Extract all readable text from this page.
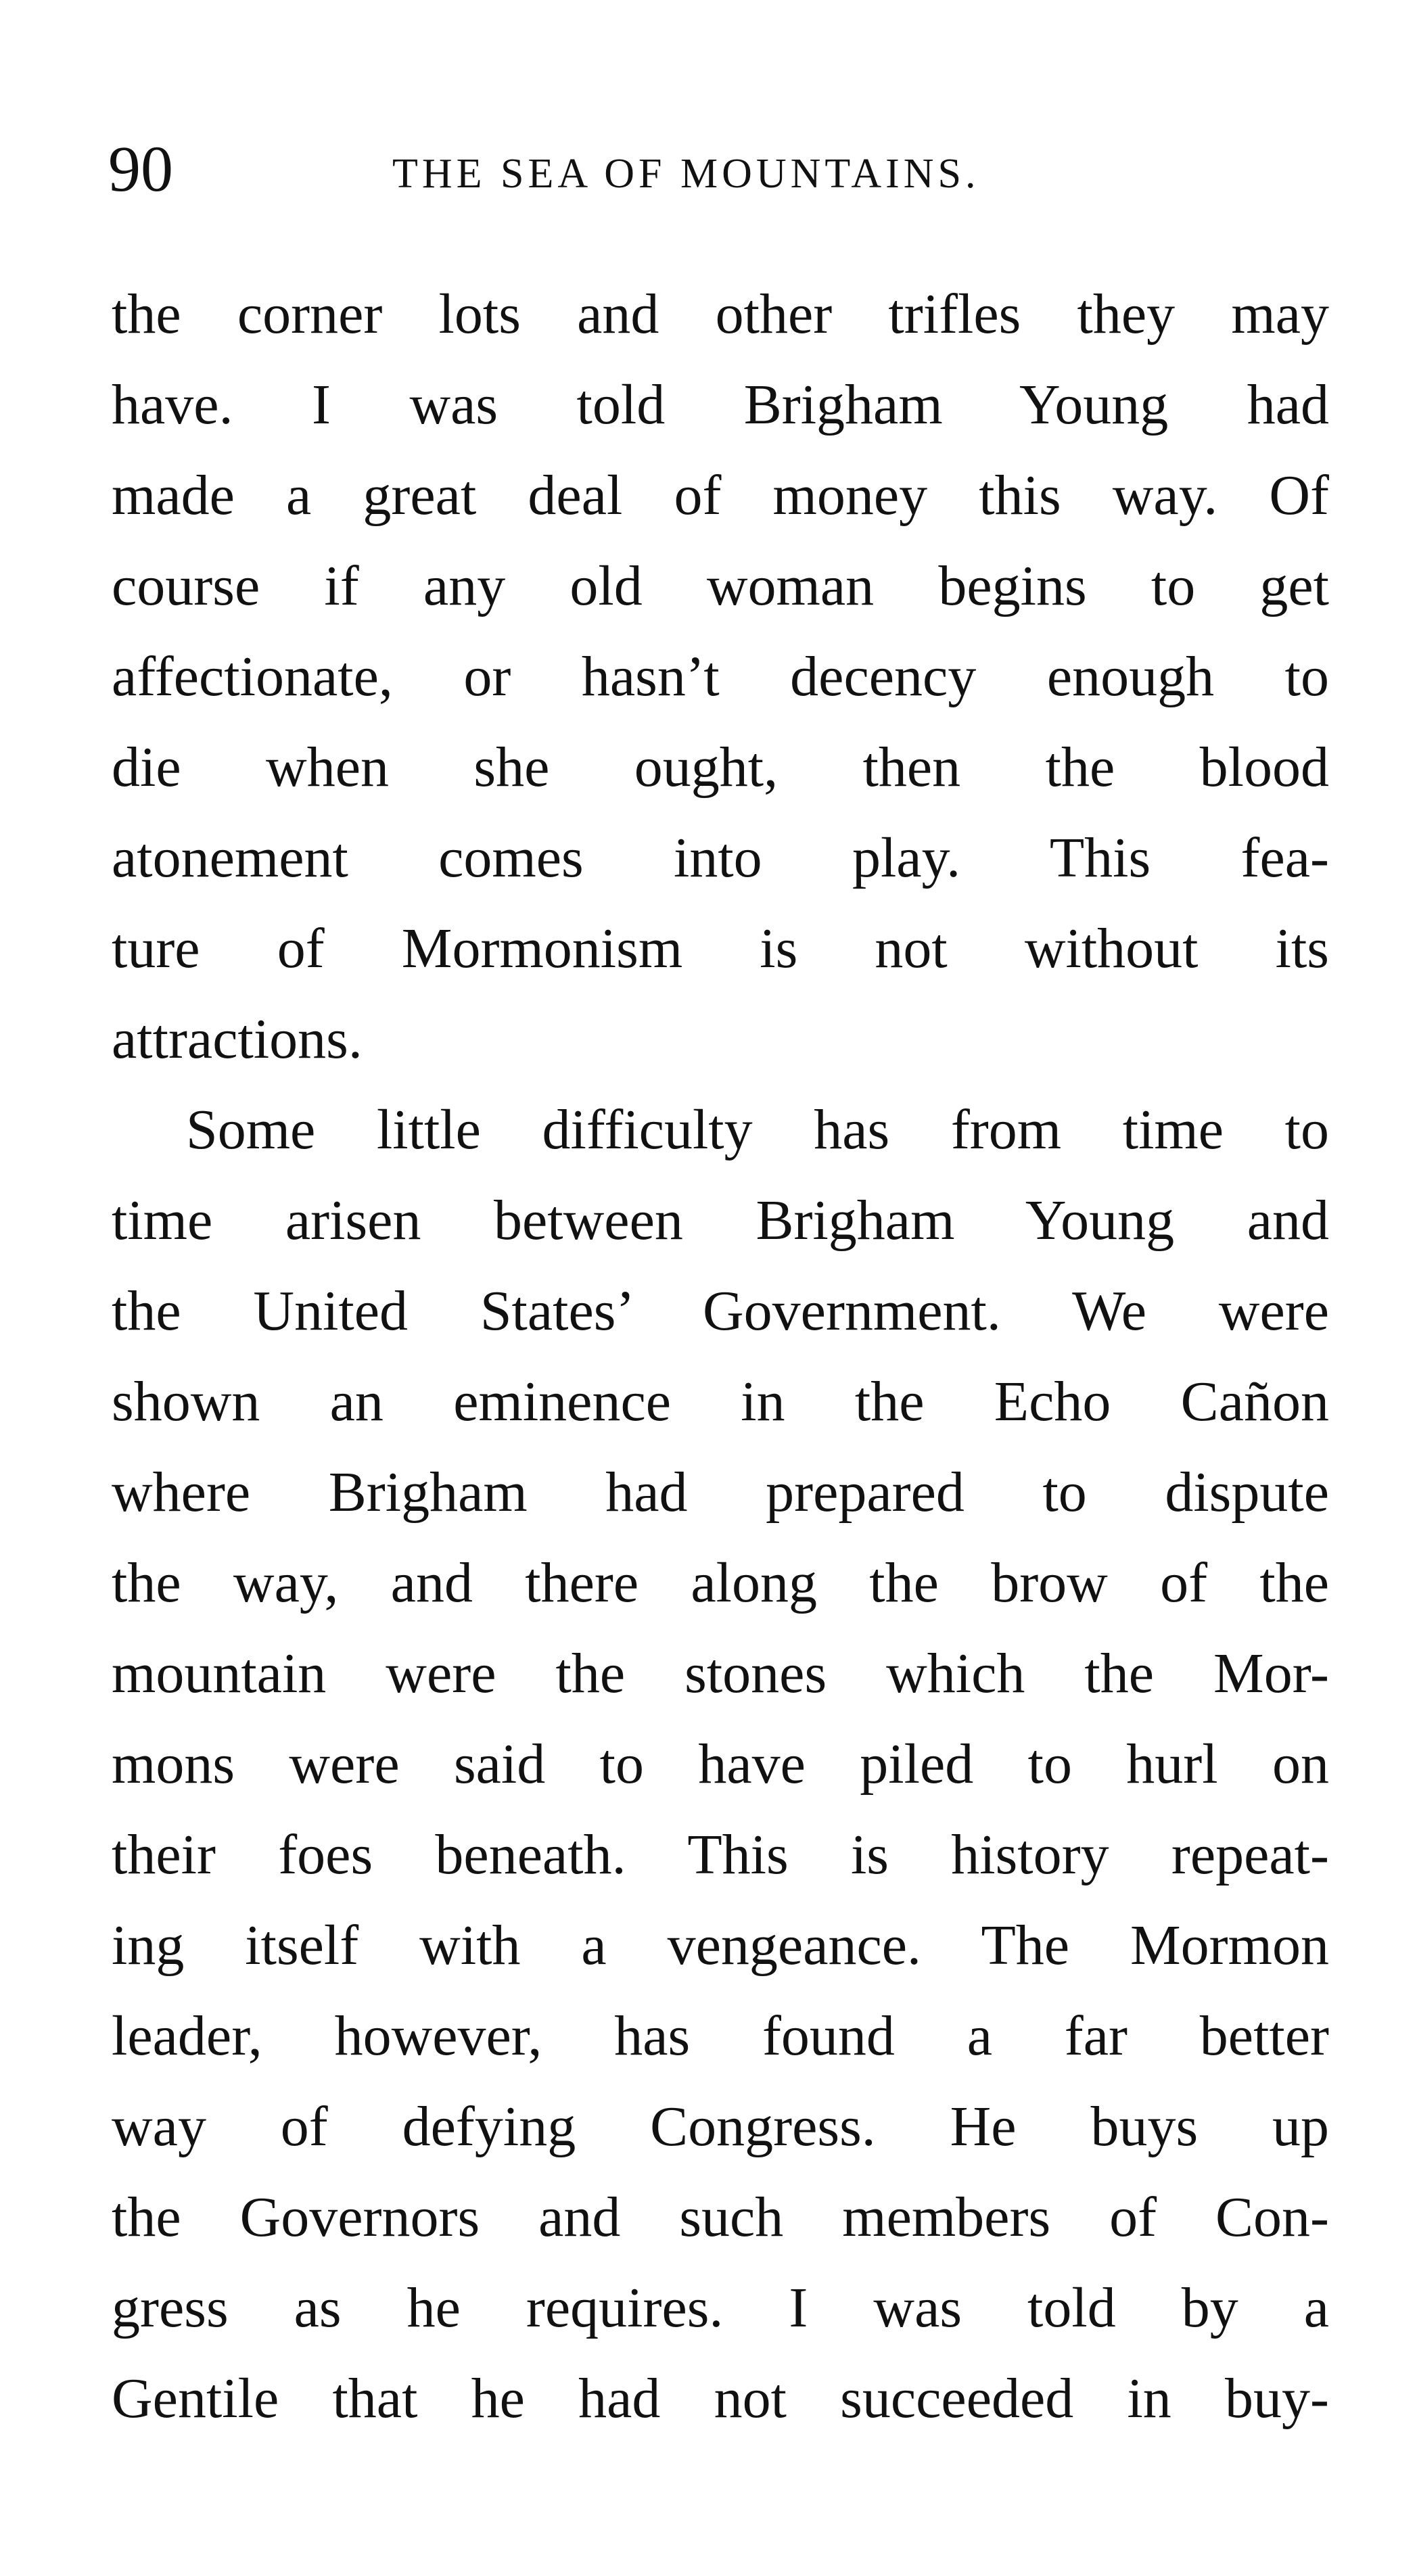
90	THE SEA OF MOUNTAINS.
the corner lots and other trifles they may
have. I was told Brigham Young had
made a great deal of money this way. Of
course if any old woman begins to get
affectionate, or hasn’t decency enough to
die when she ought, then the blood
atonement comes into play. This fea-
ture of Mormonism is not without its
attractions.
Some little difficulty has from time to
time arisen between Brigham Young and
the United States’ Government. We were
shown an eminence in the Echo Cañon
where Brigham had prepared to dispute
the way, and there along the brow of the
mountain were the stones which the Mor-
mons were said to have piled to hurl on
their foes beneath. This is history repeat-
ing itself with a vengeance. The Mormon
leader, however, has found a far better
way of defying Congress. He buys up
the Governors and such members of Con-
gress as he requires. I was told by a
Gentile that he had not succeeded in buy-
